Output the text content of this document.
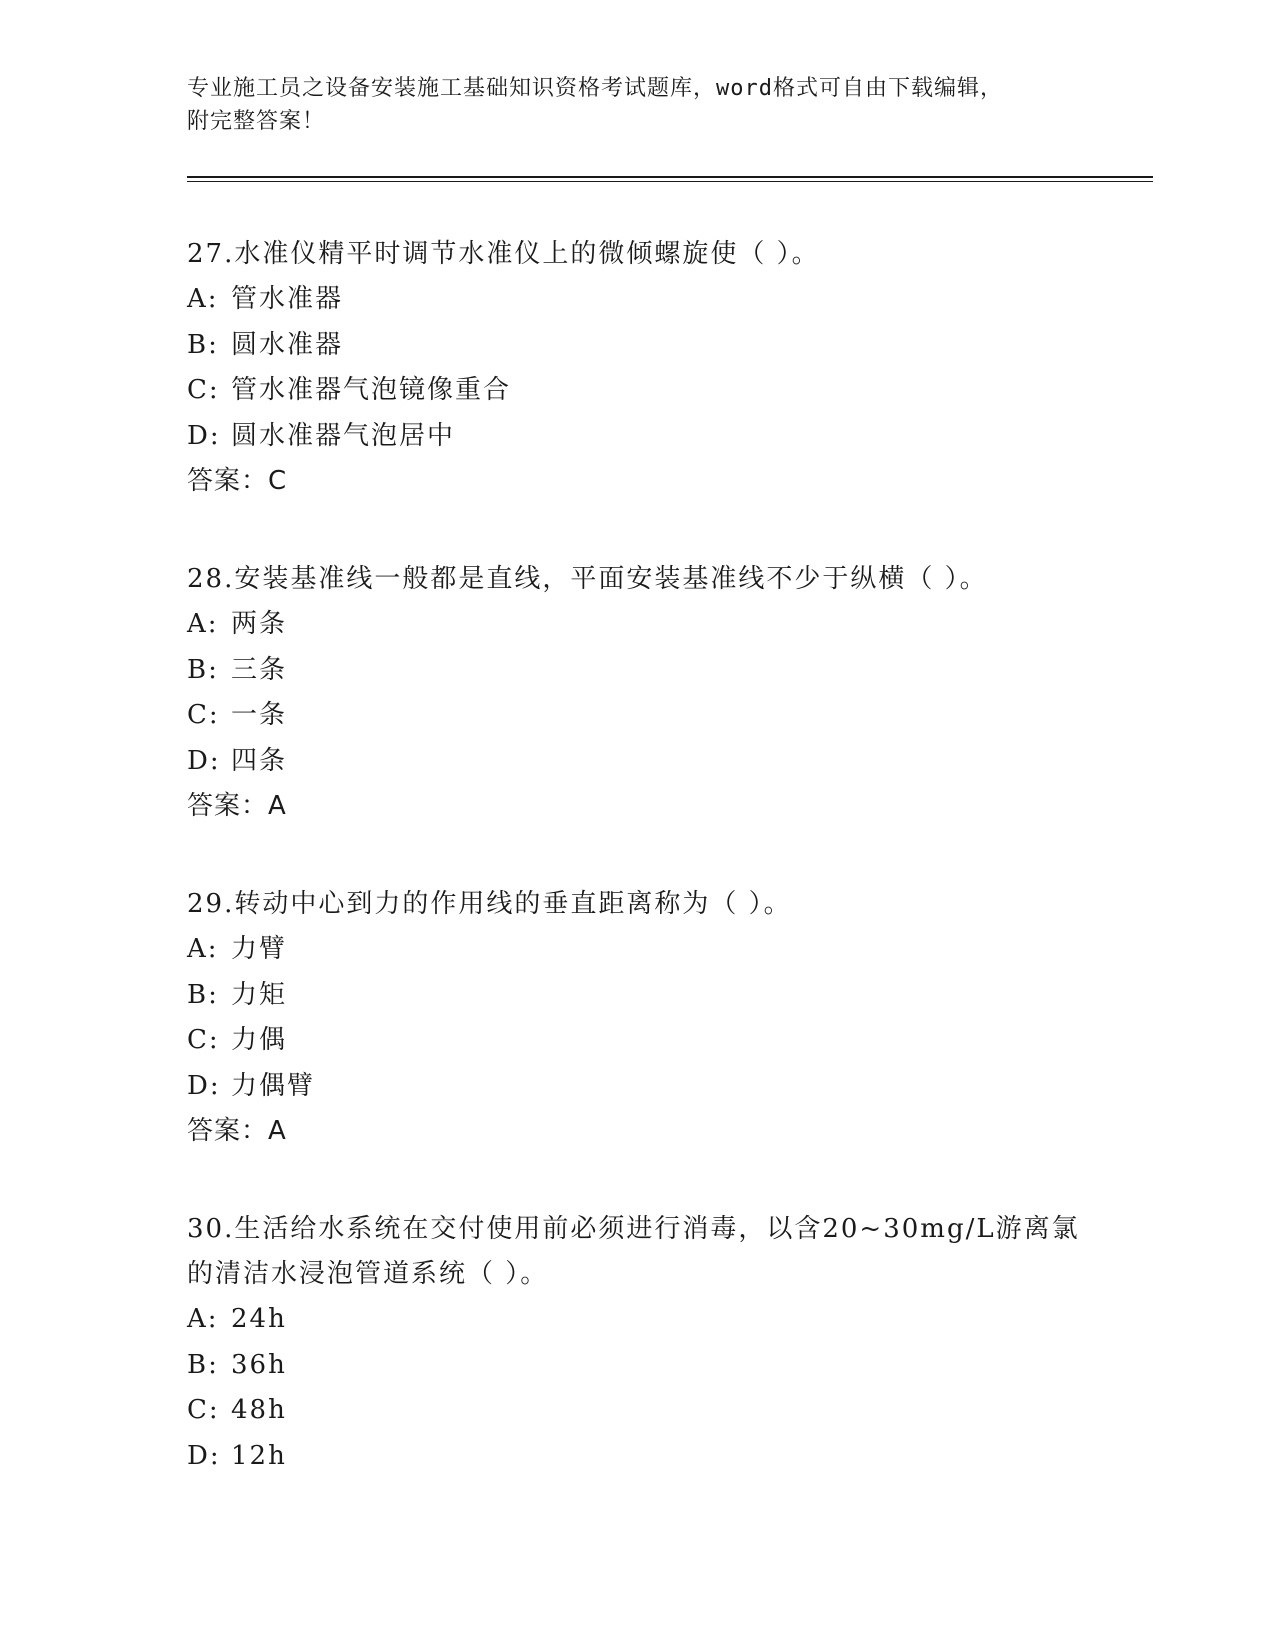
专业施工员之设备安装施工基础知识资格考试题库，word格式可自由下载编辑，
附完整答案！
27.水准仪精平时调节水准仪上的微倾螺旋使（ ）。
A: 管水准器
B: 圆水准器
C: 管水准器气泡镜像重合
D: 圆水准器气泡居中
答案：C
28.安装基准线一般都是直线，平面安装基准线不少于纵横（ ）。
A: 两条
B: 三条
C: 一条
D: 四条
答案：A
29.转动中心到力的作用线的垂直距离称为（ ）。
A: 力臂
B: 力矩
C: 力偶
D: 力偶臂
答案：A
30.生活给水系统在交付使用前必须进行消毒，以含20~30mg/L游离氯
的清洁水浸泡管道系统（ ）。
A: 24h
B: 36h
C: 48h
D: 12h
